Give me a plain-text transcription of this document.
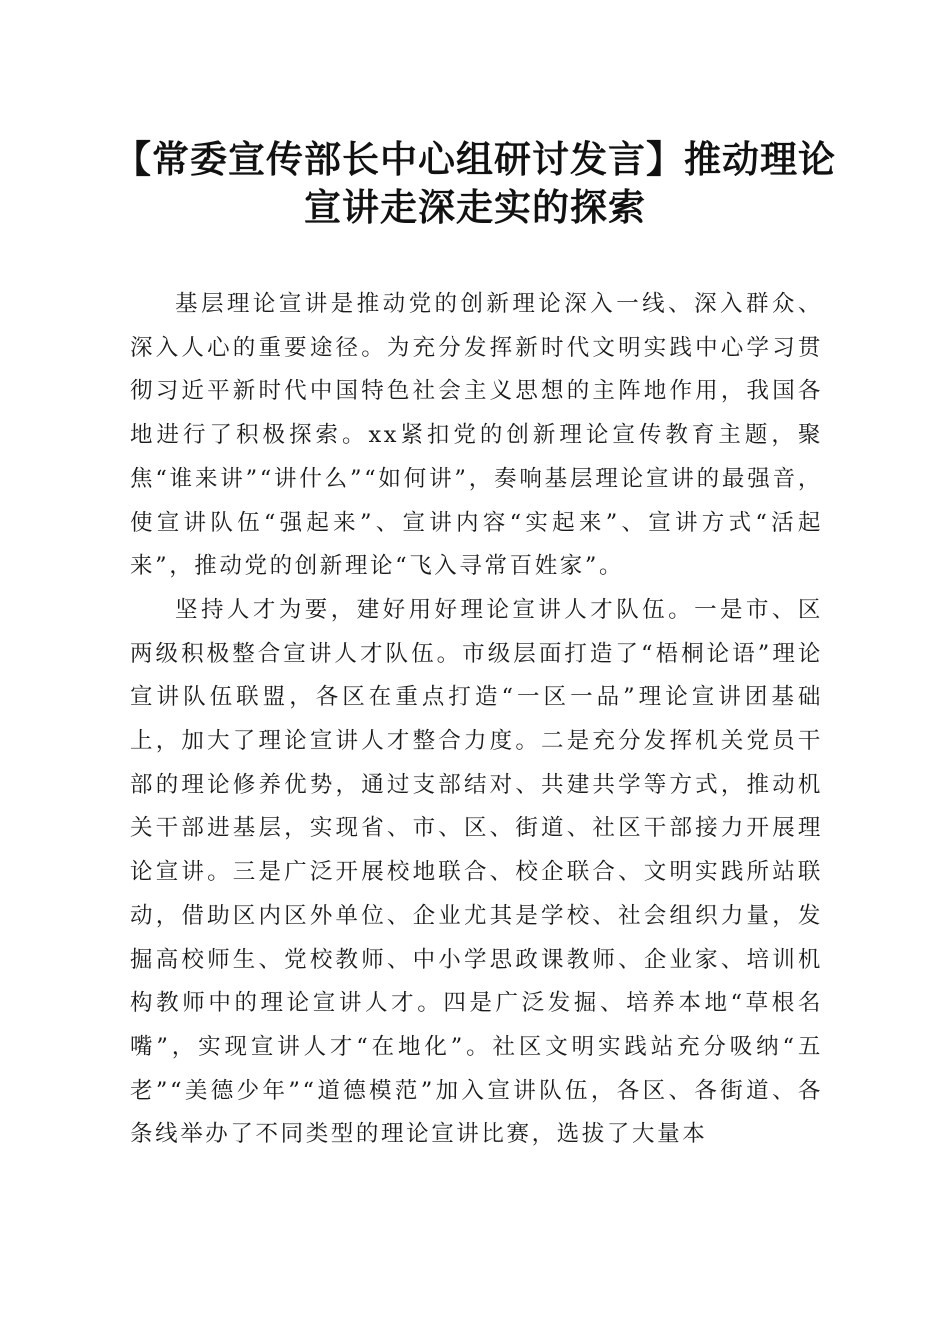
【常委宣传部长中心组研讨发言】推动理论宣讲走深走实的探索

基层理论宣讲是推动党的创新理论深入一线、深入群众、深入人心的重要途径。为充分发挥新时代文明实践中心学习贯彻习近平新时代中国特色社会主义思想的主阵地作用，我国各地进行了积极探索。xx紧扣党的创新理论宣传教育主题，聚焦“谁来讲”“讲什么”“如何讲”，奏响基层理论宣讲的最强音，使宣讲队伍“强起来”、宣讲内容“实起来”、宣讲方式“活起来”，推动党的创新理论“飞入寻常百姓家”。

坚持人才为要，建好用好理论宣讲人才队伍。一是市、区两级积极整合宣讲人才队伍。市级层面打造了“梧桐论语”理论宣讲队伍联盟，各区在重点打造“一区一品”理论宣讲团基础上，加大了理论宣讲人才整合力度。二是充分发挥机关党员干部的理论修养优势，通过支部结对、共建共学等方式，推动机关干部进基层，实现省、市、区、街道、社区干部接力开展理论宣讲。三是广泛开展校地联合、校企联合、文明实践所站联动，借助区内区外单位、企业尤其是学校、社会组织力量，发掘高校师生、党校教师、中小学思政课教师、企业家、培训机构教师中的理论宣讲人才。四是广泛发掘、培养本地“草根名嘴”，实现宣讲人才“在地化”。社区文明实践站充分吸纳“五老”“美德少年”“道德模范”加入宣讲队伍，各区、各街道、各条线举办了不同类型的理论宣讲比赛，选拔了大量本
